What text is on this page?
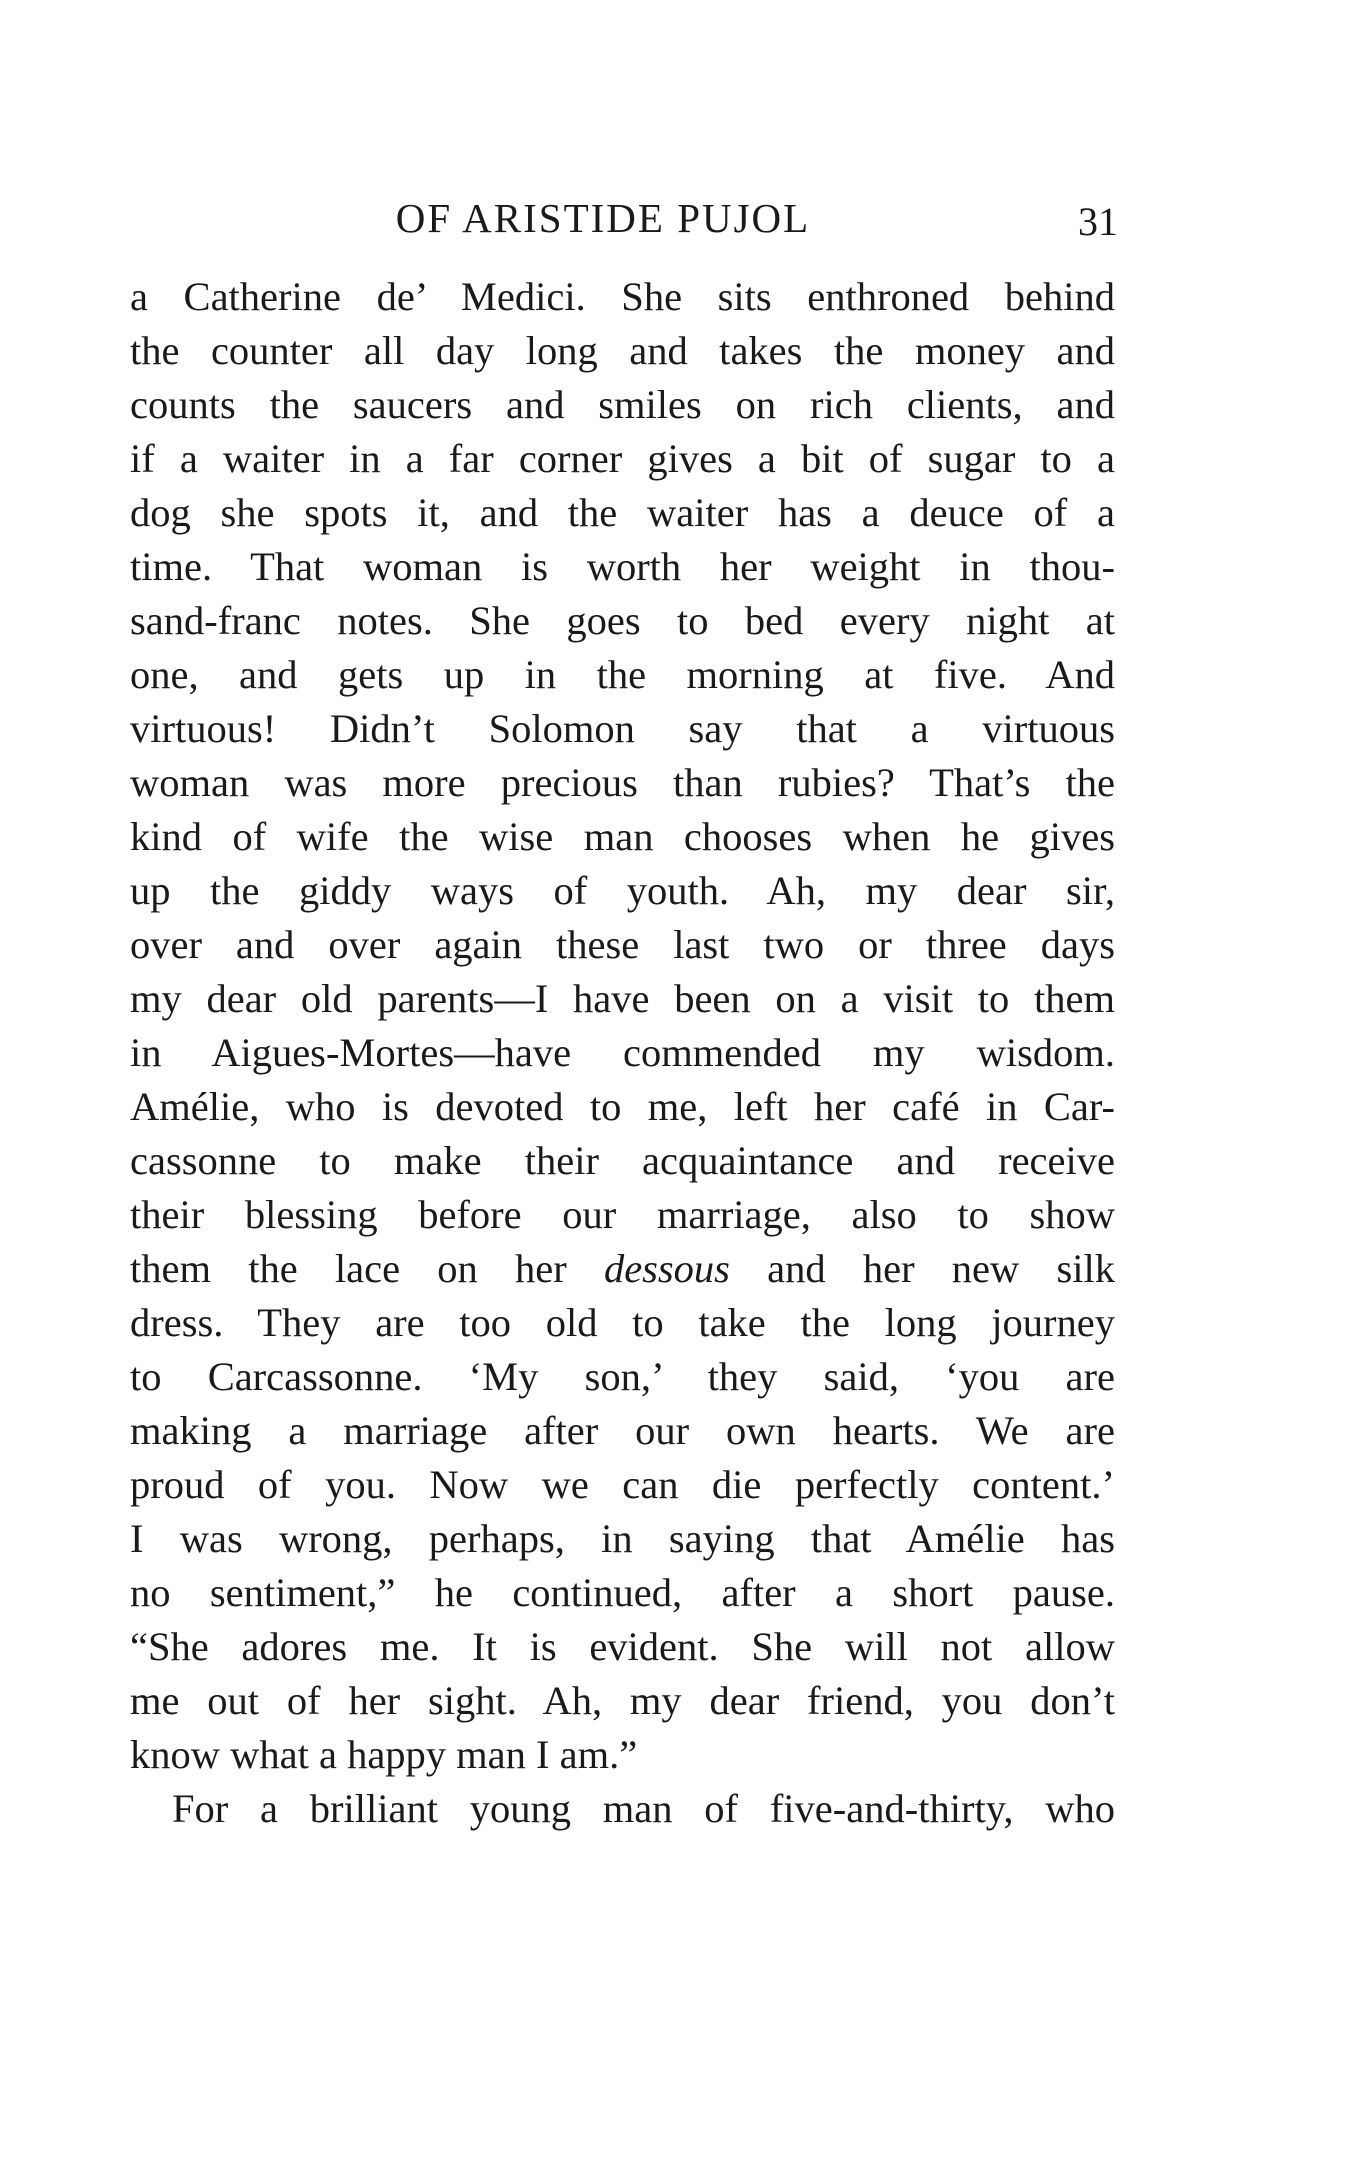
OF ARISTIDE PUJOL	31
a Catherine de’ Medici. She sits enthroned behind
the counter all day long and takes the money and
counts the saucers and smiles on rich clients, and
if a waiter in a far corner gives a bit of sugar to a
dog she spots it, and the waiter has a deuce of a
time. That woman is worth her weight in thou-
sand-franc notes. She goes to bed every night at
one, and gets up in the morning at five. And
virtuous! Didn’t Solomon say that a virtuous
woman was more precious than rubies? That’s the
kind of wife the wise man chooses when he gives
up the giddy ways of youth. Ah, my dear sir,
over and over again these last two or three days
my dear old parents—I have been on a visit to them
in Aigues-Mortes—have commended my wisdom.
Amélie, who is devoted to me, left her café in Car-
cassonne to make their acquaintance and receive
their blessing before our marriage, also to show
them the lace on her dessous and her new silk
dress. They are too old to take the long journey
to Carcassonne. ‘My son,’ they said, ‘you are
making a marriage after our own hearts. We are
proud of you. Now we can die perfectly content.’
I was wrong, perhaps, in saying that Amélie has
no sentiment,” he continued, after a short pause.
“She adores me. It is evident. She will not allow
me out of her sight. Ah, my dear friend, you don’t
know what a happy man I am.”
For a brilliant young man of five-and-thirty, who
